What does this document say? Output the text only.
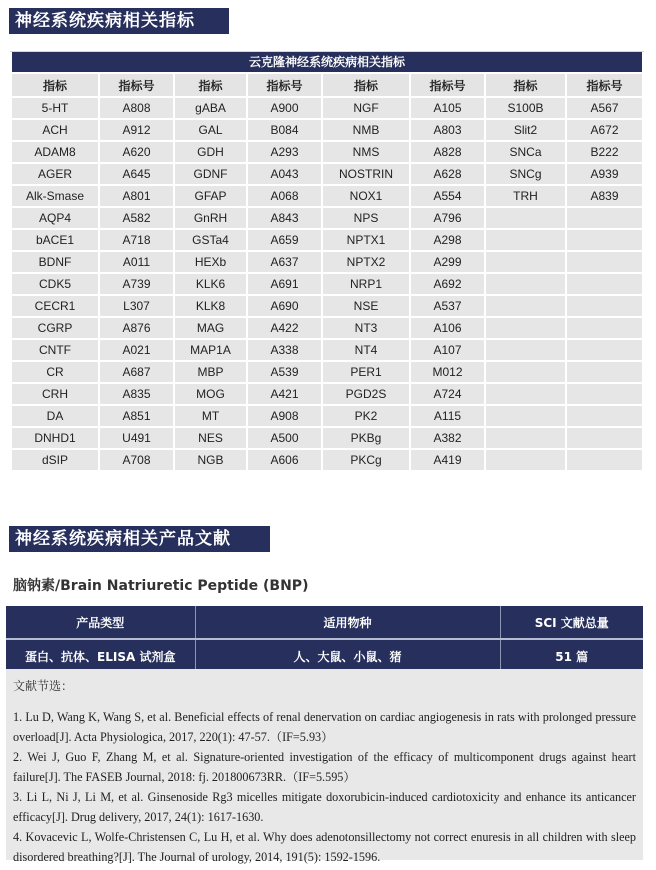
神经系统疾病相关指标
云克隆神经系统疾病相关指标							
指标	指标号	指标	指标号	指标	指标号	指标	指标号
5-HT	A808	gABA	A900	NGF	A105	S100B	A567
ACH	A912	GAL	B084	NMB	A803	Slit2	A672
ADAM8	A620	GDH	A293	NMS	A828	SNCa	B222
AGER	A645	GDNF	A043	NOSTRIN	A628	SNCg	A939
Alk-Smase	A801	GFAP	A068	NOX1	A554	TRH	A839
AQP4	A582	GnRH	A843	NPS	A796		
bACE1	A718	GSTa4	A659	NPTX1	A298		
BDNF	A011	HEXb	A637	NPTX2	A299		
CDK5	A739	KLK6	A691	NRP1	A692		
CECR1	L307	KLK8	A690	NSE	A537		
CGRP	A876	MAG	A422	NT3	A106		
CNTF	A021	MAP1A	A338	NT4	A107		
CR	A687	MBP	A539	PER1	M012		
CRH	A835	MOG	A421	PGD2S	A724		
DA	A851	MT	A908	PK2	A115		
DNHD1	U491	NES	A500	PKBg	A382		
dSIP	A708	NGB	A606	PKCg	A419		
神经系统疾病相关产品文献
脑钠素/Brain Natriuretic Peptide (BNP)
产品类型	适用物种	SCI 文献总量
蛋白、抗体、ELISA 试剂盒	人、大鼠、小鼠、猪	51 篇
文献节选：
1. Lu D, Wang K, Wang S, et al. Beneficial effects of renal denervation on cardiac angiogenesis in rats with prolonged pressure overload[J]. Acta Physiologica, 2017, 220(1): 47-57.（IF=5.93）
2. Wei J, Guo F, Zhang M, et al. Signature-oriented investigation of the efficacy of multicomponent drugs against heart failure[J]. The FASEB Journal, 2018: fj. 201800673RR.（IF=5.595）
3. Li L, Ni J, Li M, et al. Ginsenoside Rg3 micelles mitigate doxorubicin-induced cardiotoxicity and enhance its anticancer efficacy[J]. Drug delivery, 2017, 24(1): 1617-1630.
4. Kovacevic L, Wolfe-Christensen C, Lu H, et al. Why does adenotonsillectomy not correct enuresis in all children with sleep disordered breathing?[J]. The Journal of urology, 2014, 191(5): 1592-1596.
